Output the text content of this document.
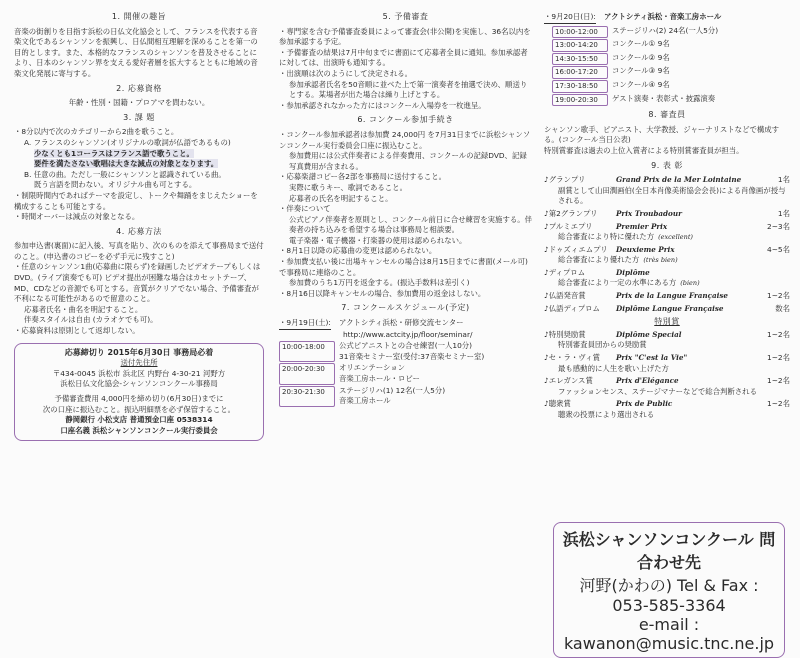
1. 開催の趣旨

音楽の街創りを目指す浜松の日仏文化協会として、フランスを代表する音楽文化であるシャンソンを振興し、日仏間相互理解を深めることを第一の目的とします。また、本格的なフランスのシャンソンを普及させることにより、日本のシャンソン界を支える愛好者層を拡大するとともに地域の音楽文化発展に寄与する。

2. 応募資格

年齢・性別・国籍・プロアマを問わない。

3. 課 題

・8分以内で次のカテゴリーから2曲を歌うこと。

A. フランスのシャンソン(オリジナルの歌詞が仏語であるもの)

少なくとも1コーラスはフランス語で歌うこと。

要件を満たさない歌唱は大きな減点の対象となります。

B. 任意の曲。ただし一般にシャンソンと認識されている曲。

既う言語を問わない。オリジナル曲も可とする。

・制限時間内であればテーマを設定し、トークや舞踊をまじえたショーを構成することも可能とする。

・時間オーバーは減点の対象となる。

4. 応募方法

参加申込書(裏面)に記入後、写真を貼り、次のものを添えて事務局まで送付のこと。(申込書のコピーを必ず手元に残すこと)

・任意のシャンソン1曲(応募曲に限らず)を録画したビデオテープもしくはDVD。(ライブ演奏でも可) ビデオ提出が困難な場合はカセットテープ、MD、CDなどの音源でも可とする。音質がクリアでない場合、予備審査が不利になる可能性があるので留意のこと。

応募者氏名・曲名を明記すること。

伴奏スタイルは自由 (カラオケでも可)。

・応募資料は原則として返却しない。

応募締切り 2015年6月30日 事務局必着

送付先住所

〒434-0045 浜松市 浜北区 内野台 4-30-21 河野方

浜松日仏文化協会-シャンソンコンクール事務局

予備審査費用 4,000円を締め切り(6月30日)までに

次の口座に振込むこと。振込明細票を必ず保管すること。

静岡銀行 小松支店 普通預金口座 0538314

口座名義 浜松シャンソンコンクール実行委員会

5. 予備審査

・専門家を含む予備審査委員によって審査会(非公開)を実施し、36名以内を参加承認する予定。

・予備審査の結果は7月中旬までに書面にて応募者全員に通知。参加承認者に対しては、出演時も通知する。

・出演順は次のようにして決定される。

参加承認者氏名を50音順に並べた上で第一演奏者を抽選で決め、順送りとする。某場者が出た場合は繰り上げとする。

・参加承認されなかった方にはコンクール入場券を一枚進呈。

6. コンクール参加手続き

・コンクール参加承認者は参加費 24,000円 を7月31日までに浜松シャンソンコンクール実行委員会口座に振込むこと。

参加費用には公式伴奏者による伴奏費用、コンクールの記録DVD、記録写真費用が含まれる。

・応募楽譜コピー各2部を事務局に送付すること。

実際に歌うキー、歌詞であること。

応募者の氏名を明記すること。

・伴奏について

公式ピアノ伴奏者を原則とし、コンクール前日に合せ練習を実施する。伴奏者の持ち込みを希望する場合は事務局と相談要。

電子楽器・電子機器・打楽器の使用は認められない。

・8月1日以降の応募曲の変更は認められない。

・参加費支払い後に出場キャンセルの場合は8月15日までに書面(メール可)で事務局に連絡のこと。

参加費のうち1万円を返金する。(振込手数料は差引く)

・8月16日以降キャンセルの場合、参加費用の返金はしない。

7. コンクールスケジュール(予定)

・9月19日(土): アクトシティ浜松・研修交流センター

http://www.actcity.jp/floor/seminar/

10:00-18:00	公式ピアニストとの合せ練習(一人10分)
31音楽セミナー室(受付:37音楽セミナー室)
20:00-20:30	オリエンテーション
音楽工房ホール・ロビー
20:30-21:30	ステージリハ(1) 12名(一人5分)
音楽工房ホール

・9月20日(日): アクトシティ浜松・音楽工房ホール

10:00-12:00	ステージリハ(2) 24名(一人5分)
13:00-14:20	コンクール① 9名
14:30-15:50	コンクール② 9名
16:00-17:20	コンクール③ 9名
17:30-18:50	コンクール④ 9名
19:00-20:30	ゲスト演奏・表彰式・披露演奏
8. 審査員

シャンソン歌手、ピアニスト、大学教授、ジャーナリストなどで構成する。(コンクール当日公表)

特別賞審査は過去の上位入賞者による特別賞審査員が担当。

9. 表 彰
♪グランプリ	Grand Prix de la Mer Lointaine	1名
副賞として山田潤画伯(全日本肖像美術協会会長)による肖像画が授与される。
♪第2グランプリ	Prix Troubadour	1名
♪プルミエプリ	Premier Prix	2~3名
総合審査により特に優れた方 (excellent)
♪ドゥズィエムプリ	Deuxieme Prix	4~5名
総合審査により優れた方 (très bien)
♪ディプロム	Diplôme
総合審査により一定の水準にある方 (bien)
♪仏語発音賞	Prix de la Langue Française	1~2名
♪仏語ディプロム	Diplôme Langue Française	数名
特別賞
♪特別奨励賞	Diplôme Special	1~2名
特別審査員団からの奨励賞
♪セ・ラ・ヴィ賞	Prix "C'est la Vie"	1~2名
最も感動的に人生を歌い上げた方
♪エレガンス賞	Prix d'Elégance	1~2名
ファッションセンス、ステージマナーなどで総合判断される
♪聴衆賞	Prix de Public	1~2名
聴衆の投票により選出される

浜松シャンソンコンクール 問合わせ先

河野(かわの) Tel & Fax : 053-585-3364

e-mail : kawanon@music.tnc.ne.jp
